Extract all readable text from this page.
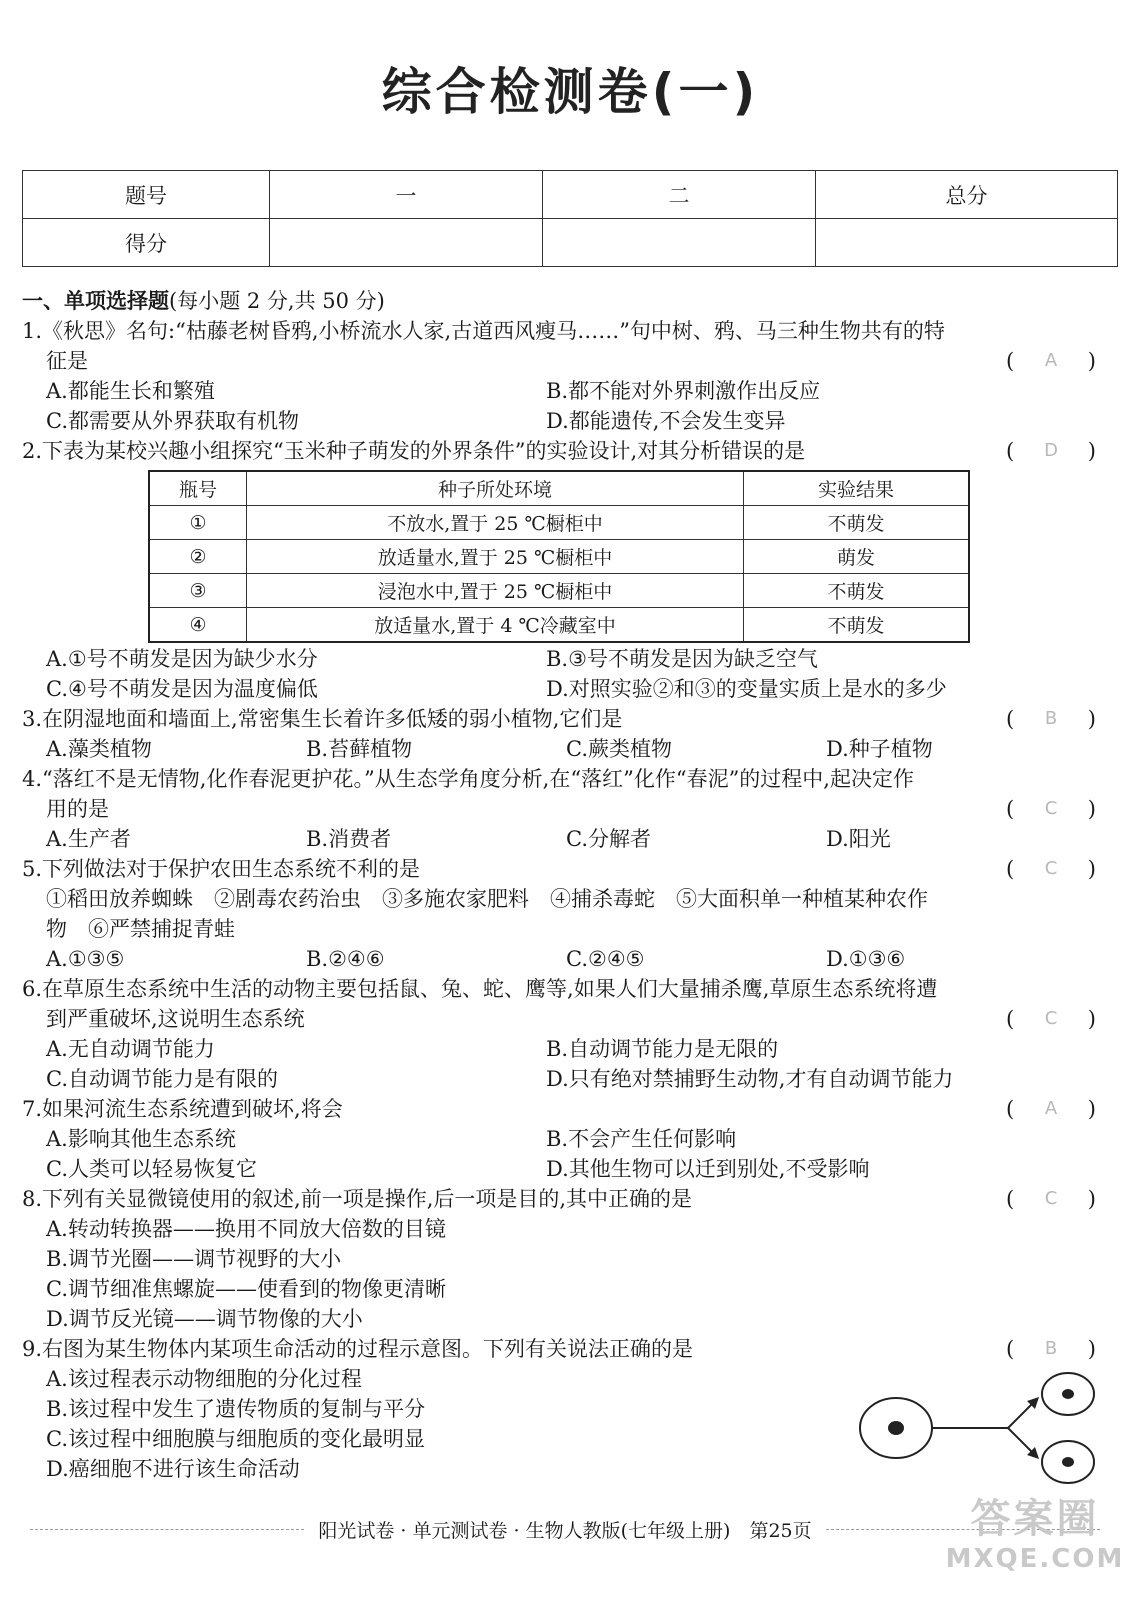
综合检测卷(一)
题号	一	二	总分
得分			
一、单项选择题(每小题 2 分,共 50 分)
1.《秋思》名句:“枯藤老树昏鸦,小桥流水人家,古道西风瘦马……”句中树、鸦、马三种生物共有的特
征是	( A )
A.都能生长和繁殖	B.都不能对外界刺激作出反应
C.都需要从外界获取有机物	D.都能遗传,不会发生变异
2.下表为某校兴趣小组探究“玉米种子萌发的外界条件”的实验设计,对其分析错误的是	( D )
瓶号	种子所处环境	实验结果
①	不放水,置于 25 ℃橱柜中	不萌发
②	放适量水,置于 25 ℃橱柜中	萌发
③	浸泡水中,置于 25 ℃橱柜中	不萌发
④	放适量水,置于 4 ℃冷藏室中	不萌发
A.①号不萌发是因为缺少水分	B.③号不萌发是因为缺乏空气
C.④号不萌发是因为温度偏低	D.对照实验②和③的变量实质上是水的多少
3.在阴湿地面和墙面上,常密集生长着许多低矮的弱小植物,它们是	( B )
A.藻类植物	B.苔藓植物	C.蕨类植物	D.种子植物
4.“落红不是无情物,化作春泥更护花。”从生态学角度分析,在“落红”化作“春泥”的过程中,起决定作
用的是	( C )
A.生产者	B.消费者	C.分解者	D.阳光
5.下列做法对于保护农田生态系统不利的是	( C )
①稻田放养蜘蛛　②剧毒农药治虫　③多施农家肥料　④捕杀毒蛇　⑤大面积单一种植某种农作
物　⑥严禁捕捉青蛙
A.①③⑤	B.②④⑥	C.②④⑤	D.①③⑥
6.在草原生态系统中生活的动物主要包括鼠、兔、蛇、鹰等,如果人们大量捕杀鹰,草原生态系统将遭
到严重破坏,这说明生态系统	( C )
A.无自动调节能力	B.自动调节能力是无限的
C.自动调节能力是有限的	D.只有绝对禁捕野生动物,才有自动调节能力
7.如果河流生态系统遭到破坏,将会	( A )
A.影响其他生态系统	B.不会产生任何影响
C.人类可以轻易恢复它	D.其他生物可以迁到别处,不受影响
8.下列有关显微镜使用的叙述,前一项是操作,后一项是目的,其中正确的是	( C )
A.转动转换器——换用不同放大倍数的目镜
B.调节光圈——调节视野的大小
C.调节细准焦螺旋——使看到的物像更清晰
D.调节反光镜——调节物像的大小
9.右图为某生物体内某项生命活动的过程示意图。下列有关说法正确的是	( B )
A.该过程表示动物细胞的分化过程
B.该过程中发生了遗传物质的复制与平分
C.该过程中细胞膜与细胞质的变化最明显
D.癌细胞不进行该生命活动
阳光试卷 · 单元测试卷 · 生物人教版(七年级上册)　第25页	答案圈
MXQE.COM
